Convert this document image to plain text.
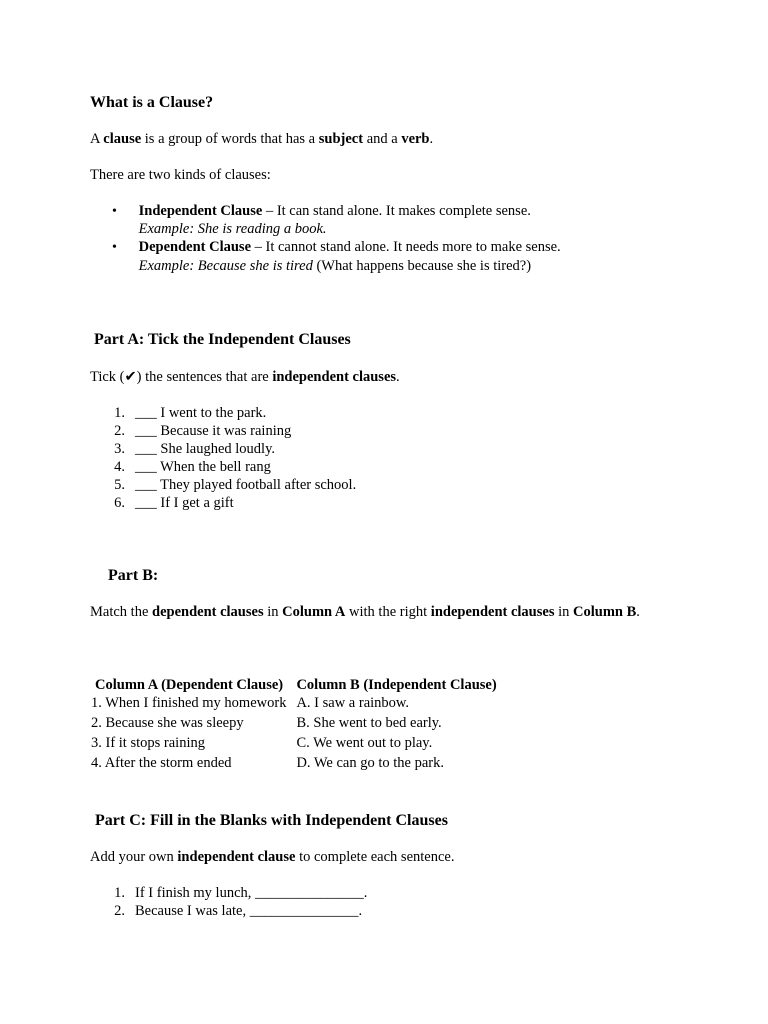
What is a Clause?
A clause is a group of words that has a subject and a verb.
There are two kinds of clauses:
• Independent Clause – It can stand alone. It makes complete sense.
Example: She is reading a book.
• Dependent Clause – It cannot stand alone. It needs more to make sense.
Example: Because she is tired (What happens because she is tired?)
Part A: Tick the Independent Clauses
Tick (✔) the sentences that are independent clauses.
1. ___ I went to the park.
2. ___ Because it was raining
3. ___ She laughed loudly.
4. ___ When the bell rang
5. ___ They played football after school.
6. ___ If I get a gift
Part B:
Match the dependent clauses in Column A with the right independent clauses in Column B.
Column A (Dependent Clause)	Column B (Independent Clause)
1. When I finished my homework	A. I saw a rainbow.
2. Because she was sleepy	B. She went to bed early.
3. If it stops raining	C. We went out to play.
4. After the storm ended	D. We can go to the park.
Part C: Fill in the Blanks with Independent Clauses
Add your own independent clause to complete each sentence.
1. If I finish my lunch, _______________.
2. Because I was late, _______________.
